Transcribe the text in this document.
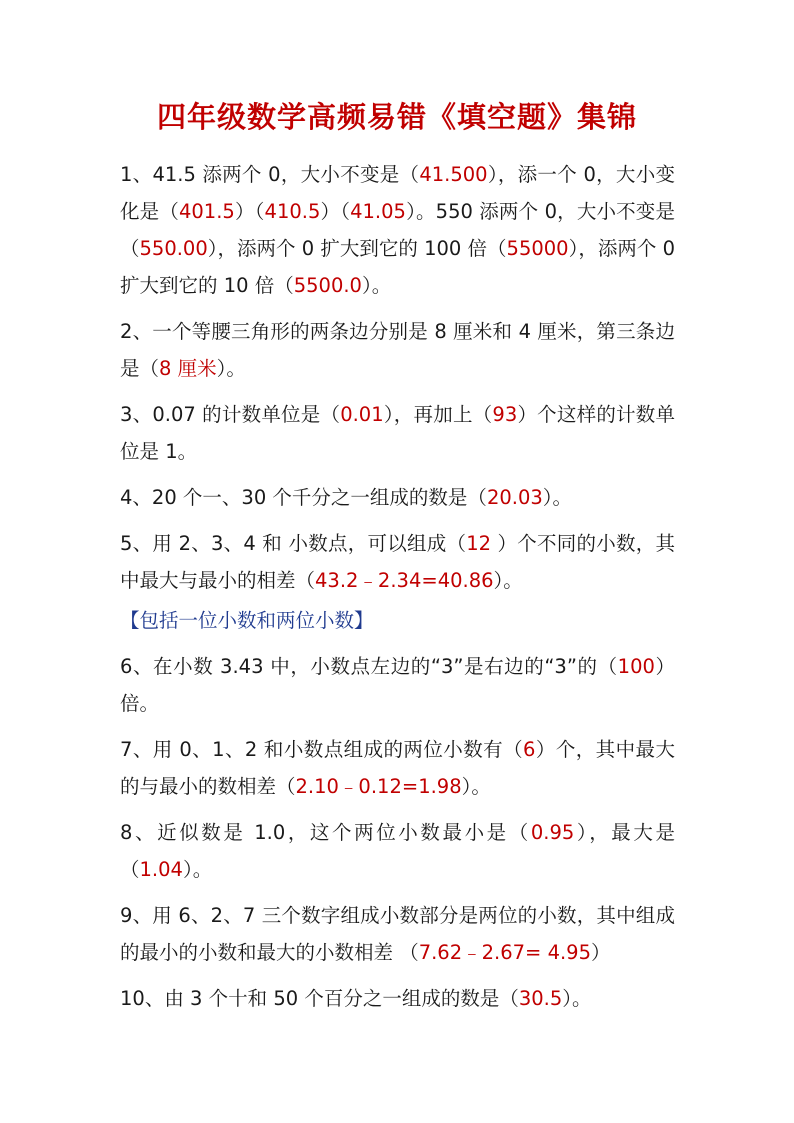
四年级数学高频易错《填空题》集锦
1、41.5 添两个 0，大小不变是（41.500），添一个 0，大小变化是（401.5）（410.5）（41.05）。550 添两个 0，大小不变是（550.00），添两个 0 扩大到它的 100 倍（55000），添两个 0 扩大到它的 10 倍（5500.0）。
2、一个等腰三角形的两条边分别是 8 厘米和 4 厘米，第三条边是（8 厘米）。
3、0.07 的计数单位是（0.01），再加上（93）个这样的计数单位是 1。
4、20 个一、30 个千分之一组成的数是（20.03）。
5、用 2、3、4 和 小数点，可以组成（12 ）个不同的小数，其中最大与最小的相差（43.2﹣2.34=40.86）。
【包括一位小数和两位小数】
6、在小数 3.43 中，小数点左边的“3”是右边的“3”的（100）倍。
7、用 0、1、2 和小数点组成的两位小数有（6）个，其中最大的与最小的数相差（2.10﹣0.12=1.98）。
8、近似数是 1.0，这个两位小数最小是（0.95），最大是（1.04）。
9、用 6、2、7 三个数字组成小数部分是两位的小数，其中组成的最小的小数和最大的小数相差 （7.62﹣2.67= 4.95）
10、由 3 个十和 50 个百分之一组成的数是（30.5）。
